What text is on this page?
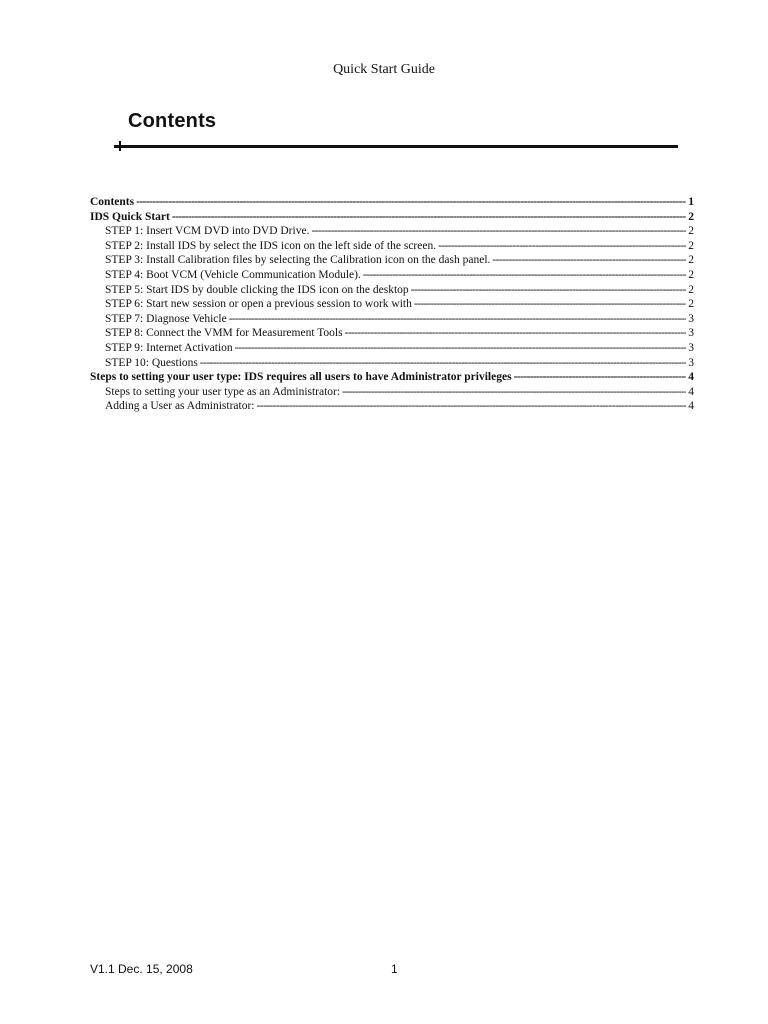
Quick Start Guide
Contents
Contents -----	1
IDS Quick Start -----	2
STEP 1: Insert VCM DVD into DVD Drive. -----	2
STEP 2: Install IDS by select the IDS icon on the left side of the screen. -----	2
STEP 3: Install Calibration files by selecting the Calibration icon on the dash panel. -----	2
STEP 4: Boot VCM (Vehicle Communication Module). -----	2
STEP 5: Start IDS by double clicking the IDS icon on the desktop -----	2
STEP 6: Start new session or open a previous session to work with -----	2
STEP 7: Diagnose Vehicle -----	3
STEP 8: Connect the VMM for Measurement Tools -----	3
STEP 9: Internet Activation -----	3
STEP 10: Questions -----	3
Steps to setting your user type: IDS requires all users to have Administrator privileges -----	4
Steps to setting your user type as an Administrator: -----	4
Adding a User as Administrator: -----	4
V1.1 Dec. 15, 2008	1
